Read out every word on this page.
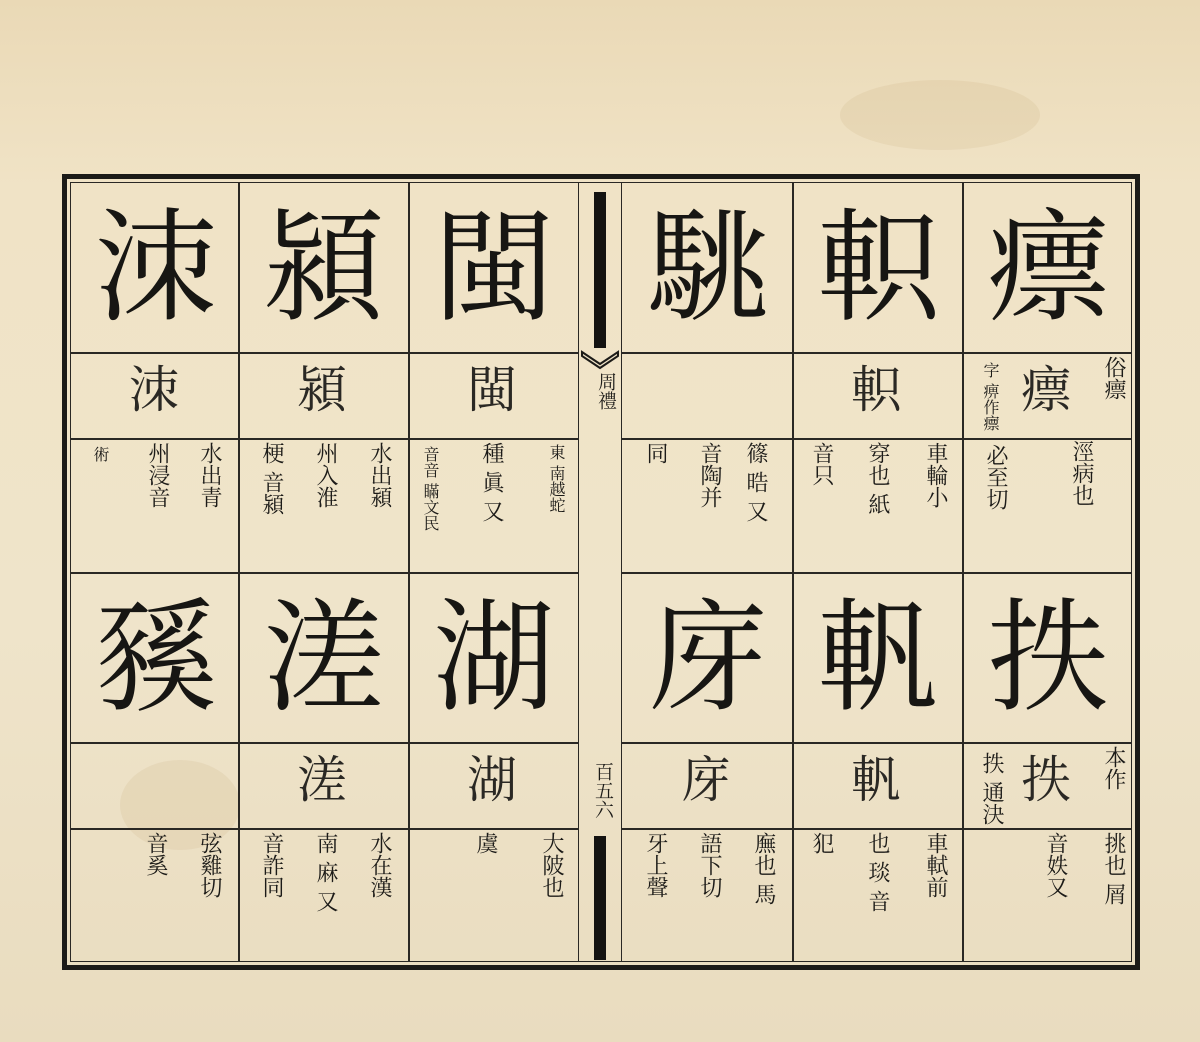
周禮
百五六
瘭
瘭	俗瘭
涇病也
字 痹作瘭
必至切
軹
軹
車輪小
穿也 紙
音只
駣
篠 晧 又
音陶并
同
閩
閩
東 南越蛇
種 眞 又
音音 瞞文民
潁
潁
水出潁
州入淮
梗 音潁
洓
洓
水出青
州浸音
術
抶
抶	本作
挑也 屑
音妷又
抶 通決
軓
軓
車軾前
也 琰 音
犯
庌
庌
廡也 馬
語下切
牙上聲
湖
湖
大陂也
虞
溠
溠
水在漢
南 麻 又
音詐同
豯
弦雞切
音奚
